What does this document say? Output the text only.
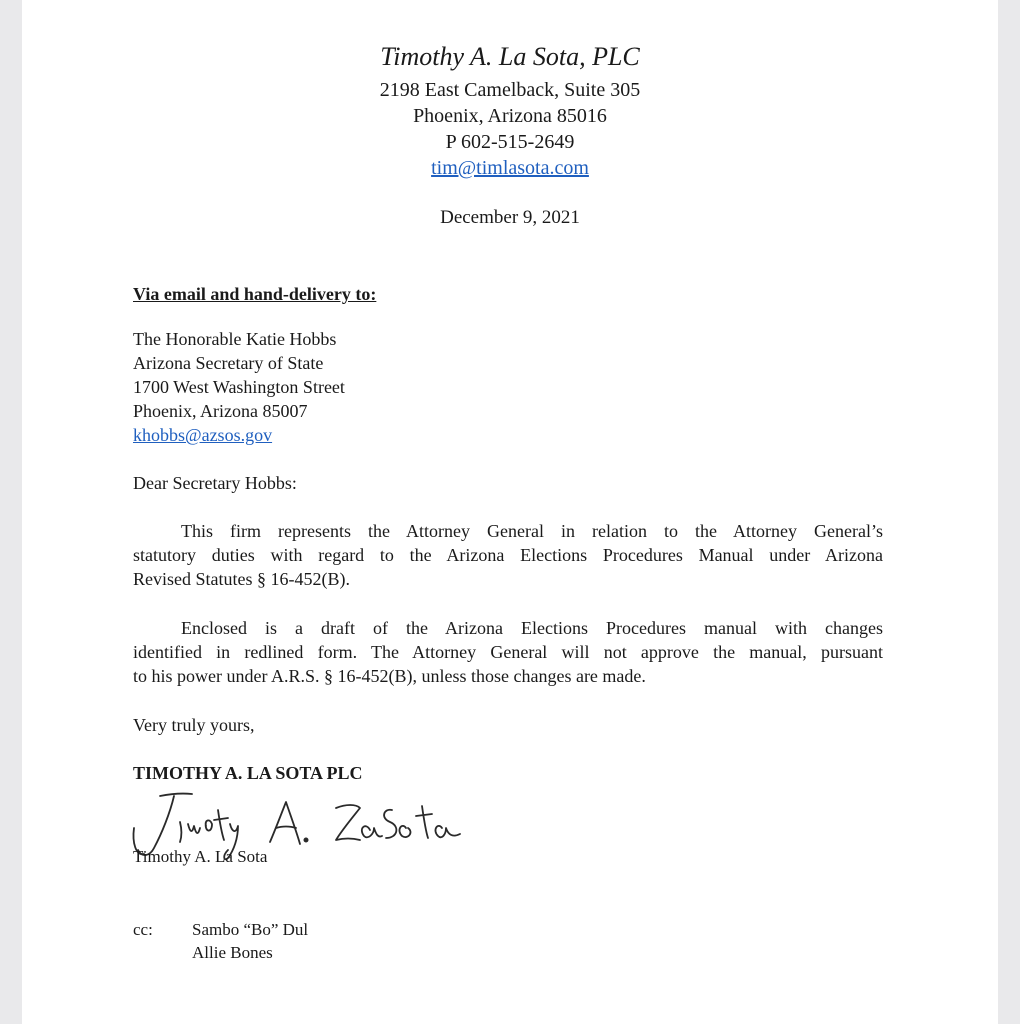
Timothy A. La Sota, PLC

2198 East Camelback, Suite 305

Phoenix, Arizona 85016

P 602-515-2649

tim@timlasota.com

December 9, 2021

Via email and hand-delivery to:

The Honorable Katie Hobbs

Arizona Secretary of State

1700 West Washington Street

Phoenix, Arizona 85007

khobbs@azsos.gov

Dear Secretary Hobbs:

This firm represents the Attorney General in relation to the Attorney General’s
statutory duties with regard to the Arizona Elections Procedures Manual under Arizona
Revised Statutes § 16-452(B).
Enclosed is a draft of the Arizona Elections Procedures manual with changes
identified in redlined form. The Attorney General will not approve the manual, pursuant
to his power under A.R.S. § 16-452(B), unless those changes are made.

Very truly yours,

TIMOTHY A. LA SOTA PLC

Timothy A. La Sota

cc: Sambo “Bo” Dul

Allie Bones
